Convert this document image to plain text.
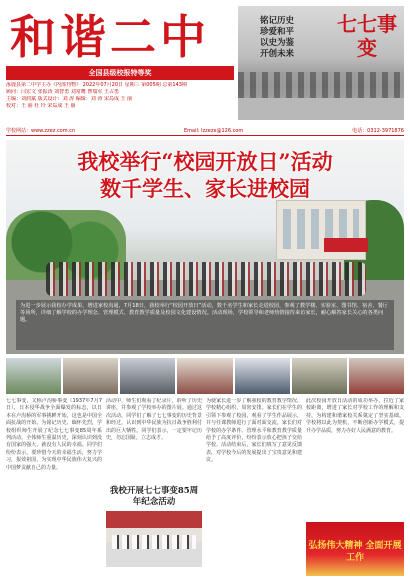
和谐二中
全国县级校报特等奖
涿鹿县第二中学主办《内部刊物》 2022年07月20日 星期三 第005期 总第143期
顾问：闫宏文 张振涛 刘智勇 刘常鹰 曹瑞军 王占勇
主编：刘润斌 版式设计：刘 涛 编辑：刘 涛 宋岛成 王 丽
校对：王 丽 杜 玲 宋岛成 王 丽
铭记历史
珍爱和平
以史为鉴
开创未来
七七事变
学校网站：www.zzez.com.cn	Email: lzzezx@126.com	电话：0312-3971876
我校举行“校园开放日”活动
数千学生、家长进校园
为进一步展示我校办学成果，增进家校沟通，7月18日，我校举行“校园开放日”活动，数千名学生和家长走进校园，参观了教学楼、实验室、图书馆、宿舍、餐厅等场所，详细了解学校的办学理念、管理模式、教育教学质量及校园文化建设情况。活动现场，学校领导和老师热情接待来访家长，耐心解答家长关心的各类问题。
七七事变，又称卢沟桥事变（1937年7月7日），日本侵华战争全面爆发的标志，以日本在卢沟桥的军事挑衅开始，这也是中国全面抗战的开始。为铭记历史、缅怀先烈，学校组织师生开展了纪念七七事变85周年系列活动。全体师生重温历史，深刻认识到没有国家的强大，就没有人民的幸福。同学们纷纷表示，要珍惜今天的幸福生活，努力学习，报效祖国，为实现中华民族伟大复兴的中国梦贡献自己的力量。
活动中，师生们观看了纪录片，聆听了历史讲座，并参观了学校举办的图片展。通过这次活动，同学们了解了七七事变的历史背景和经过，认识到中华民族为抗日战争胜利付出的巨大牺牲。同学们表示，一定要牢记历史，勿忘国耻，立志成才。
我校开展七七事变85周年纪念活动
为使家长进一步了解我校的教育教学情况，学校精心组织，周密安排。家长们在学生的引领下参观了校园，观看了学生作品展示，并与任课教师进行了面对面交流。家长们对学校的办学条件、管理水平和教育教学质量给予了高度评价，纷纷表示放心把孩子交给学校。活动结束后，家长们填写了意见反馈表，对学校今后的发展提出了宝贵意见和建议。
此次校园开放日活动的成功举办，拉近了家校距离，增进了家长对学校工作的理解和支持，为构建和谐家校关系奠定了坚实基础。学校将以此为契机，不断创新办学模式，提升办学品质，努力办好人民满意的教育。
弘扬伟大精神 全面开展工作
